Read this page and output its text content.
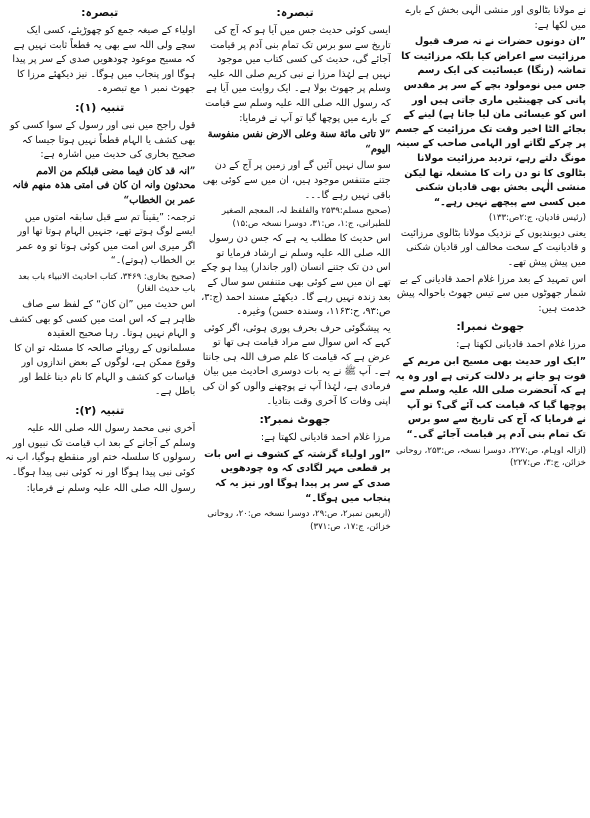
نے مولانا بٹالوی اور منشی الٰہی بخش کے بارے میں لکھا ہے:

”ان دونوں حضرات نے نہ صرف قبول مرزائیت سے اعراض کیا بلکہ مرزائیت کا تماشہ (رنگا) عیسائیت کی ایک رسم جس میں نومولود بچے کے سر پر مقدس پانی کی چھینٹیں ماری جاتی ہیں اور اس کو عیسائی مان لیا جاتا ہے) لینے کے بجائے الٹا اخیر وقت تک مرزائیت کے جسم پر چرکے لگاتے اور الہامی صاحب کے سینہ مونگ دلتے رہے، تردید مرزائیت مولانا بٹالوی کا تو دن رات کا مشغلہ تھا لیکن منشی الٰہی بخش بھی قادیان شکنی میں کسی سے پیچھے نہیں رہے۔“

(رئیس قادیان، ج:۲ص:۱۳۳)

یعنی دیوبندیوں کے نزدیک مولانا بٹالوی مرزائیت و قادیانیت کے سخت مخالف اور قادیان شکنی میں پیش پیش تھے۔

اس تمہید کے بعد مرزا غلام احمد قادیانی کے بے شمار جھوٹوں میں سے تیس جھوٹ باحوالہ پیش خدمت ہیں:

جھوٹ نمبرا:

مرزا غلام احمد قادیانی لکھتا ہے:

”ایک اور حدیث بھی مسیح ابن مریم کے فوت ہو جانے پر دلالت کرتی ہے اور وہ یہ ہے کہ آنحضرت صلی اللہ علیہ وسلم سے پوچھا گیا کہ قیامت کب آئے گی؟ تو آپ نے فرمایا کہ آج کی تاریخ سے سو برس تک تمام بنی آدم پر قیامت آجائے گی۔“

(ازالہ اوہام، ص:۲۲۷، دوسرا نسخہ، ص:۲۵۳، روحانی خزائن، ج:۳، ص:۲۲۷)

تبصرہ:

ایسی کوئی حدیث جس میں آیا ہو کہ آج کی تاریخ سے سو برس تک تمام بنی آدم پر قیامت آجائے گی، حدیث کی کسی کتاب میں موجود نہیں ہے لہٰذا مرزا نے نبی کریم صلی اللہ علیہ وسلم پر جھوٹ بولا ہے۔ ایک روایت میں آیا ہے کہ رسول اللہ صلی اللہ علیہ وسلم سے قیامت کے بارے میں پوچھا گیا تو آپ نے فرمایا:

”لا تاتی مائة سنة وعلی الارض نفس منفوسة الیوم“

سو سال نہیں آئیں گے اور زمین پر آج کے دن جتنے متنفس موجود ہیں، ان میں سے کوئی بھی باقی نہیں رہے گا۔۔۔

(صحیح مسلم:۲۵۳۹ والفلفظ لہ، المعجم الصغیر للطبرانی، ج:۱، ص:۳۱، دوسرا نسخہ ص:۱۵)

اس حدیث کا مطلب یہ ہے کہ جس دن رسول اللہ صلی اللہ علیہ وسلم نے ارشاد فرمایا تو اس دن تک جتنے انسان (اور جاندار) پیدا ہو چکے تھے ان میں سے کوئی بھی متنفس سو سال کے بعد زندہ نہیں رہے گا۔ دیکھئے مسند احمد (ج:۳، ص:۹۳، ح:۱۱۶۳، وسندہ حسن) وغیرہ۔

یہ پیشگوئی حرف بحرف پوری ہوئی، اگر کوئی کہے کہ اس سوال سے مراد قیامت ہی تھا تو عرض ہے کہ قیامت کا علم صرف اللہ ہی جانتا ہے۔ آپ ﷺ نے یہ بات دوسری احادیث میں بیان فرمادی ہے، لہٰذا آپ نے پوچھنے والوں کو ان کی اپنی وفات کا آخری وقت بتادیا۔

جھوٹ نمبر۲:

مرزا غلام احمد قادیانی لکھتا ہے:

”اور اولیاء گزشتہ کے کشوف نے اس بات پر قطعی مہر لگادی کہ وہ چودھویں صدی کے سر پر پیدا ہوگا اور نیز یہ کہ پنجاب میں ہوگا۔“

(اربعین نمبر۲، ص:۲۹، دوسرا نسخہ ص:۲۰، روحانی خزائن، ج:۱۷، ص:۳۷۱)

تبصرہ:

اولیاء کے صیغہ جمع کو چھوڑیئے، کسی ایک سچے ولی اللہ سے بھی یہ قطعاً ثابت نہیں ہے کہ مسیح موعود چودھویں صدی کے سر پر پیدا ہوگا اور پنجاب میں ہوگا۔ نیز دیکھئے مرزا کا جھوٹ نمبر ۱ مع تبصرہ۔

تنبیہ (۱):

قول راجح میں نبی اور رسول کے سوا کسی کو بھی کشف یا الہام قطعاً نہیں ہوتا جیسا کہ صحیح بخاری کی حدیث میں اشارہ ہے:

”انہ قد کان فیما مضی قبلکم من الامم محدثون وانہ ان کان فی امتی ھذہ منھم فانہ عمر بن الخطاب“

ترجمہ: ”یقیناً تم سے قبل سابقہ امتوں میں ایسے لوگ ہوتے تھے، جنہیں الہام ہوتا تھا اور اگر میری اس امت میں کوئی ہوتا تو وہ عمر بن الخطاب (ہوتے)۔“

(صحیح بخاری: ۳۴۶۹، کتاب احادیث الانبیاء باب بعد باب حدیث الغار)

اس حدیث میں ”ان کان“ کے لفظ سے صاف ظاہر ہے کہ اس امت میں کسی کو بھی کشف و الہام نہیں ہوتا۔ رہا صحیح العقیدہ مسلمانوں کے رویائے صالحہ کا مسئلہ تو ان کا وقوع ممکن ہے، لوگوں کے بعض اندازوں اور قیاسات کو کشف و الہام کا نام دینا غلط اور باطل ہے۔

تنبیہ (۲):

آخری نبی محمد رسول اللہ صلی اللہ علیہ وسلم کے آجانے کے بعد اب قیامت تک نبیوں اور رسولوں کا سلسلہ ختم اور منقطع ہوگیا، اب نہ کوئی نبی پیدا ہوگا اور نہ کوئی نبی پیدا ہوگا۔

رسول اللہ صلی اللہ علیہ وسلم نے فرمایا:
